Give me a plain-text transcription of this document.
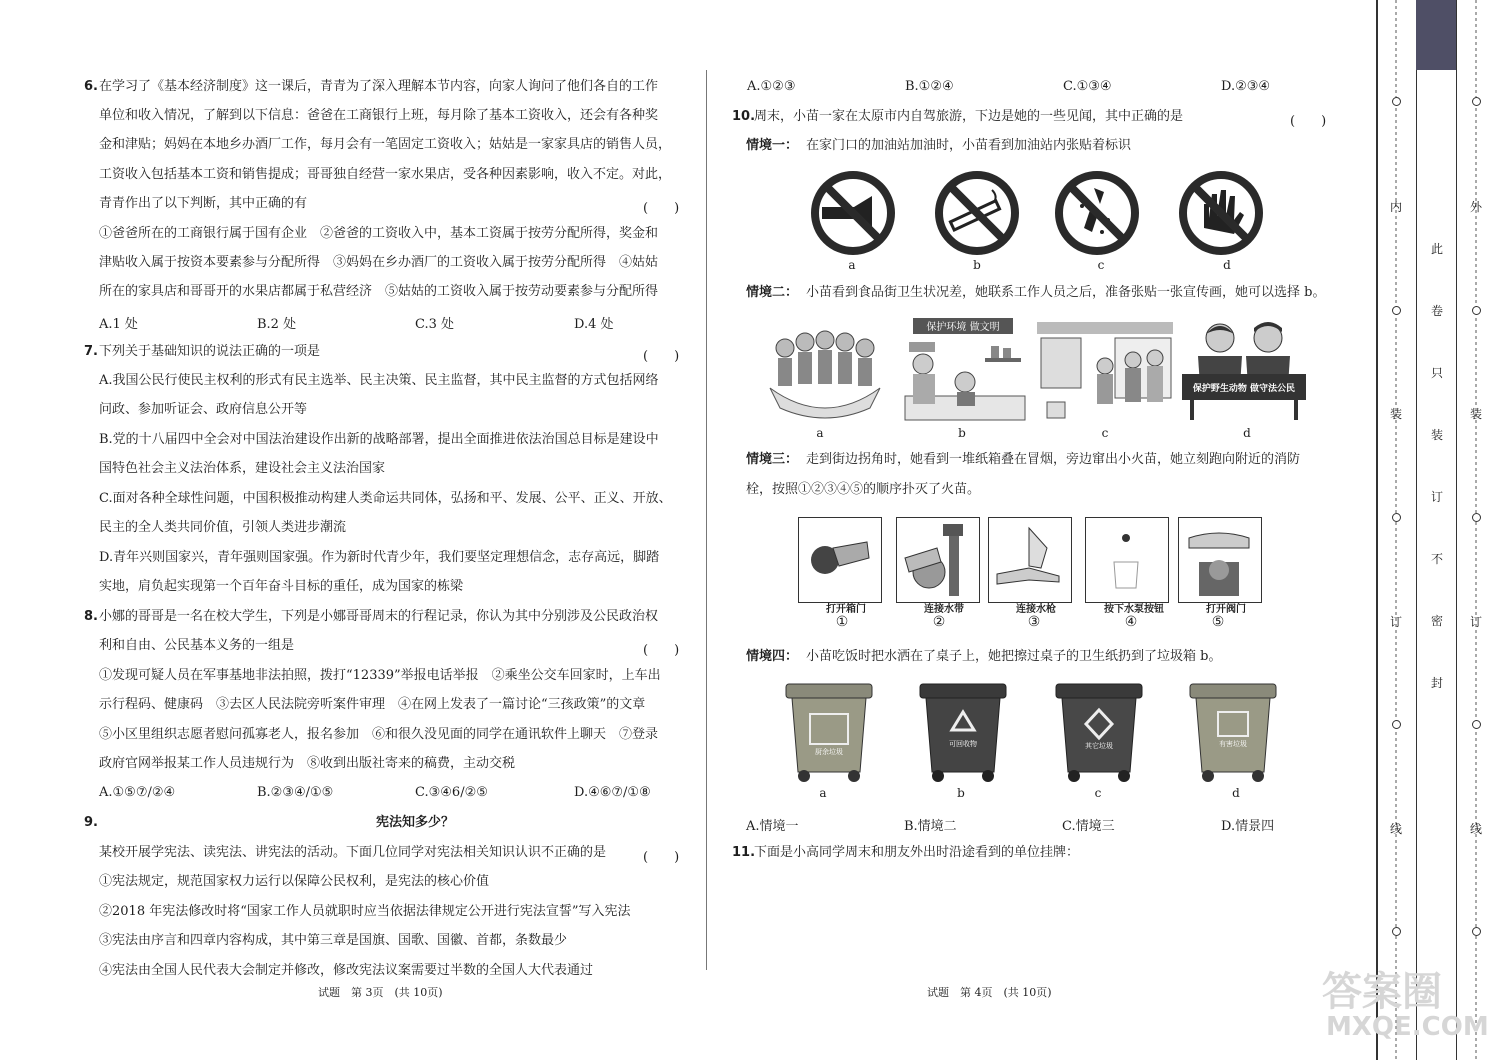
6. 在学习了《基本经济制度》这一课后，青青为了深入理解本节内容，向家人询问了他们各自的工作
单位和收入情况，了解到以下信息：爸爸在工商银行上班，每月除了基本工资收入，还会有各种奖
金和津贴；妈妈在本地乡办酒厂工作，每月会有一笔固定工资收入；姑姑是一家家具店的销售人员，
工资收入包括基本工资和销售提成；哥哥独自经营一家水果店，受各种因素影响，收入不定。对此，
青青作出了以下判断，其中正确的有	(　　)
①爸爸所在的工商银行属于国有企业　②爸爸的工资收入中，基本工资属于按劳分配所得，奖金和
津贴收入属于按资本要素参与分配所得　③妈妈在乡办酒厂的工资收入属于按劳分配所得　④姑姑
所在的家具店和哥哥开的水果店都属于私营经济　⑤姑姑的工资收入属于按劳动要素参与分配所得
A.1 处	B.2 处	C.3 处	D.4 处
7. 下列关于基础知识的说法正确的一项是	(　　)
A.我国公民行使民主权利的形式有民主选举、民主决策、民主监督，其中民主监督的方式包括网络
问政、参加听证会、政府信息公开等
B.党的十八届四中全会对中国法治建设作出新的战略部署，提出全面推进依法治国总目标是建设中
国特色社会主义法治体系，建设社会主义法治国家
C.面对各种全球性问题，中国积极推动构建人类命运共同体，弘扬和平、发展、公平、正义、开放、
民主的全人类共同价值，引领人类进步潮流
D.青年兴则国家兴，青年强则国家强。作为新时代青少年，我们要坚定理想信念，志存高远，脚踏
实地，肩负起实现第一个百年奋斗目标的重任，成为国家的栋梁
8. 小娜的哥哥是一名在校大学生，下列是小娜哥哥周末的行程记录，你认为其中分别涉及公民政治权
利和自由、公民基本义务的一组是	(　　)
①发现可疑人员在军事基地非法拍照，拨打“12339”举报电话举报　②乘坐公交车回家时，上车出
示行程码、健康码　③去区人民法院旁听案件审理　④在网上发表了一篇讨论“三孩政策”的文章
⑤小区里组织志愿者慰问孤寡老人，报名参加　⑥和很久没见面的同学在通讯软件上聊天　⑦登录
政府官网举报某工作人员违规行为　⑧收到出版社寄来的稿费，主动交税
A.①⑤⑦/②④	B.②③④/①⑤	C.③④6/②⑤	D.④⑥⑦/①⑧
9.	宪法知多少？
某校开展学宪法、读宪法、讲宪法的活动。下面几位同学对宪法相关知识认识不正确的是	(　　)
①宪法规定，规范国家权力运行以保障公民权利，是宪法的核心价值
②2018 年宪法修改时将“国家工作人员就职时应当依据法律规定公开进行宪法宣誓”写入宪法
③宪法由序言和四章内容构成，其中第三章是国旗、国歌、国徽、首都，条数最少
④宪法由全国人民代表大会制定并修改，修改宪法议案需要过半数的全国人大代表通过
试题　第 3页　(共 10页)
A.①②③	B.①②④	C.①③④	D.②③④
10.
周末，小苗一家在太原市内自驾旅游，下边是她的一些见闻，其中正确的是	(　　)
情境一： 在家门口的加油站加油时，小苗看到加油站内张贴着标识
a	b	c	d
情境二： 小苗看到食品街卫生状况差，她联系工作人员之后，准备张贴一张宣传画，她可以选择 b。
保护环境 做文明
保护野生动物 做守法公民
a	b	c	d
情境三： 走到街边拐角时，她看到一堆纸箱叠在冒烟，旁边窜出小火苗，她立刻跑向附近的消防
栓，按照①②③④⑤的顺序扑灭了火苗。
打开箱门	连接水带	连接水枪	按下水泵按钮	打开阀门
①	②	③	④	⑤
情境四： 小苗吃饭时把水洒在了桌子上，她把擦过桌子的卫生纸扔到了垃圾箱 b。
厨余垃圾
可回收物	其它垃圾	有害垃圾
a	b	c	d
A.情境一	B.情境二	C.情境三	D.情景四
11.
下面是小高同学周末和朋友外出时沿途看到的单位挂牌：
试题　第 4页　(共 10页)
内
装
订
线
此
卷
只
装
订
不
密
封
外
装
订
线
答案圈
MXQE.COM
